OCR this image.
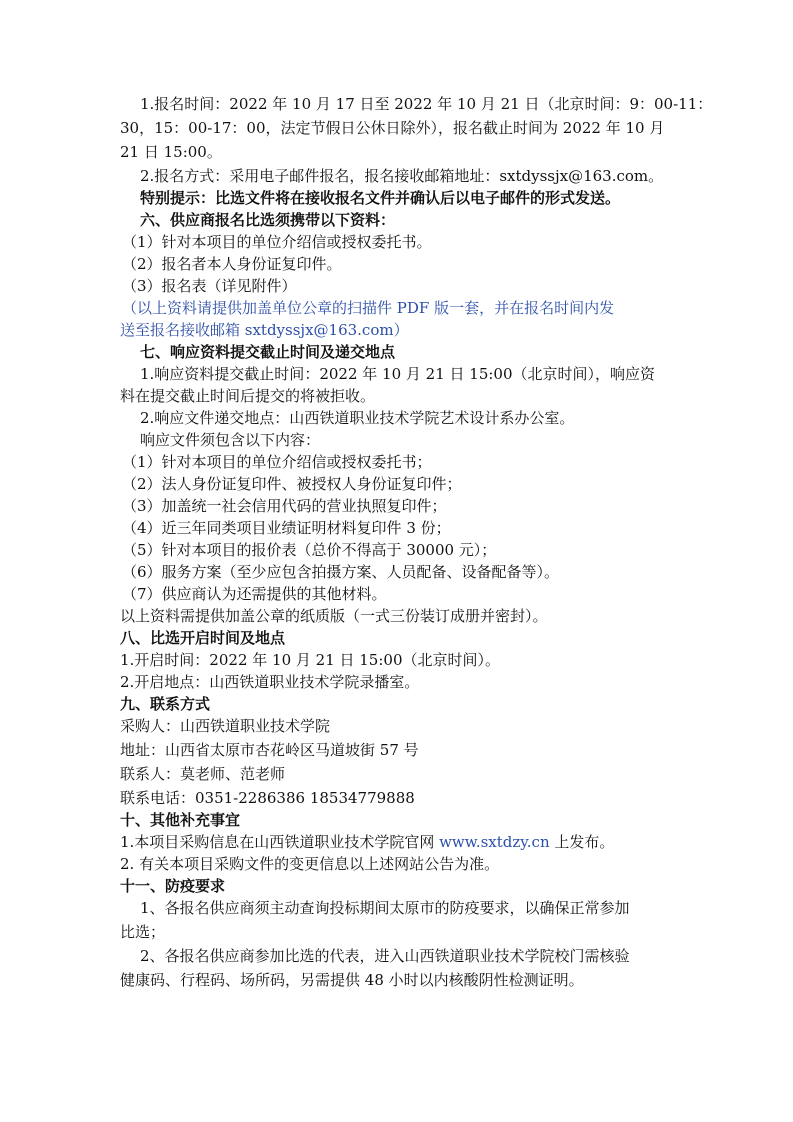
1.报名时间：2022 年 10 月 17 日至 2022 年 10 月 21 日（北京时间：9：00-11：
30，15：00-17：00，法定节假日公休日除外），报名截止时间为 2022 年 10 月
21 日 15:00。
2.报名方式：采用电子邮件报名，报名接收邮箱地址：sxtdyssjx@163.com。
特别提示：比选文件将在接收报名文件并确认后以电子邮件的形式发送。
六、供应商报名比选须携带以下资料：
（1）针对本项目的单位介绍信或授权委托书。
（2）报名者本人身份证复印件。
（3）报名表（详见附件）
（以上资料请提供加盖单位公章的扫描件 PDF 版一套，并在报名时间内发
送至报名接收邮箱 sxtdyssjx@163.com）
七、响应资料提交截止时间及递交地点
1.响应资料提交截止时间：2022 年 10 月 21 日 15:00（北京时间），响应资
料在提交截止时间后提交的将被拒收。
2.响应文件递交地点：山西铁道职业技术学院艺术设计系办公室。
响应文件须包含以下内容：
（1）针对本项目的单位介绍信或授权委托书；
（2）法人身份证复印件、被授权人身份证复印件；
（3）加盖统一社会信用代码的营业执照复印件；
（4）近三年同类项目业绩证明材料复印件 3 份；
（5）针对本项目的报价表（总价不得高于 30000 元）；
（6）服务方案（至少应包含拍摄方案、人员配备、设备配备等）。
（7）供应商认为还需提供的其他材料。
以上资料需提供加盖公章的纸质版（一式三份装订成册并密封）。
八、比选开启时间及地点
1.开启时间：2022 年 10 月 21 日 15:00（北京时间）。
2.开启地点：山西铁道职业技术学院录播室。
九、联系方式
采购人：山西铁道职业技术学院
地址：山西省太原市杏花岭区马道坡街 57 号
联系人：莫老师、范老师
联系电话：0351-2286386 18534779888
十、其他补充事宜
1.本项目采购信息在山西铁道职业技术学院官网 www.sxtdzy.cn 上发布。
2. 有关本项目采购文件的变更信息以上述网站公告为准。
十一、防疫要求
1、各报名供应商须主动查询投标期间太原市的防疫要求，以确保正常参加
比选；
2、各报名供应商参加比选的代表，进入山西铁道职业技术学院校门需核验
健康码、行程码、场所码，另需提供 48 小时以内核酸阴性检测证明。
